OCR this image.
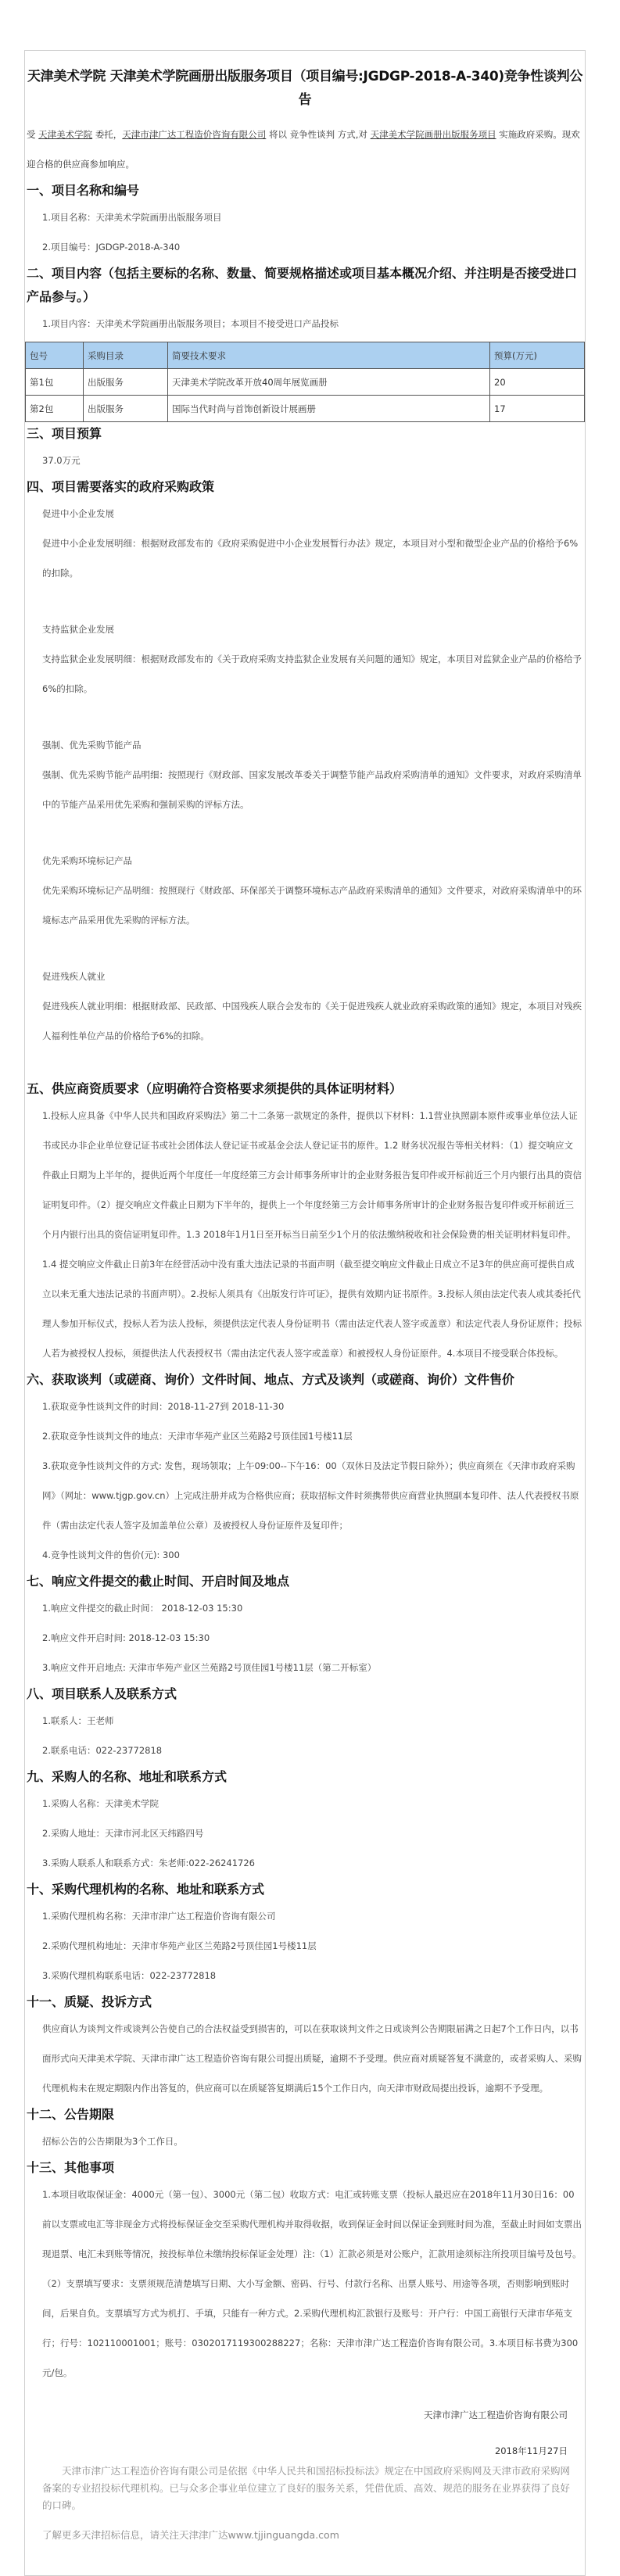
天津美术学院 天津美术学院画册出版服务项目（项目编号:JGDGP-2018-A-340)竞争性谈判公告

受 天津美术学院 委托，天津市津广达工程造价咨询有限公司 将以 竞争性谈判 方式,对 天津美术学院画册出版服务项目 实施政府采购。现欢迎合格的供应商参加响应。

一、项目名称和编号

1.项目名称：天津美术学院画册出版服务项目

2.项目编号：JGDGP-2018-A-340

二、项目内容（包括主要标的名称、数量、简要规格描述或项目基本概况介绍、并注明是否接受进口产品参与。）

1.项目内容：天津美术学院画册出版服务项目；本项目不接受进口产品投标

包号	采购目录	简要技术要求	预算(万元)
第1包	出版服务	天津美术学院改革开放40周年展览画册	20
第2包	出版服务	国际当代时尚与首饰创新设计展画册	17
三、项目预算

37.0万元

四、项目需要落实的政府采购政策

促进中小企业发展

促进中小企业发展明细：根据财政部发布的《政府采购促进中小企业发展暂行办法》规定，本项目对小型和微型企业产品的价格给予6%的扣除。

支持监狱企业发展

支持监狱企业发展明细：根据财政部发布的《关于政府采购支持监狱企业发展有关问题的通知》规定，本项目对监狱企业产品的价格给予6%的扣除。

强制、优先采购节能产品

强制、优先采购节能产品明细：按照现行《财政部、国家发展改革委关于调整节能产品政府采购清单的通知》文件要求，对政府采购清单中的节能产品采用优先采购和强制采购的评标方法。

优先采购环境标记产品

优先采购环境标记产品明细：按照现行《财政部、环保部关于调整环境标志产品政府采购清单的通知》文件要求，对政府采购清单中的环境标志产品采用优先采购的评标方法。

促进残疾人就业

促进残疾人就业明细：根据财政部、民政部、中国残疾人联合会发布的《关于促进残疾人就业政府采购政策的通知》规定，本项目对残疾人福利性单位产品的价格给予6%的扣除。

五、供应商资质要求（应明确符合资格要求须提供的具体证明材料）

1.投标人应具备《中华人民共和国政府采购法》第二十二条第一款规定的条件，提供以下材料：1.1营业执照副本原件或事业单位法人证书或民办非企业单位登记证书或社会团体法人登记证书或基金会法人登记证书的原件。1.2 财务状况报告等相关材料：（1）提交响应文件截止日期为上半年的，提供近两个年度任一年度经第三方会计师事务所审计的企业财务报告复印件或开标前近三个月内银行出具的资信证明复印件。（2）提交响应文件截止日期为下半年的，提供上一个年度经第三方会计师事务所审计的企业财务报告复印件或开标前近三个月内银行出具的资信证明复印件。1.3 2018年1月1日至开标当日前至少1个月的依法缴纳税收和社会保险费的相关证明材料复印件。1.4 提交响应文件截止日前3年在经营活动中没有重大违法记录的书面声明（截至提交响应文件截止日成立不足3年的供应商可提供自成立以来无重大违法记录的书面声明）。2.投标人须具有《出版发行许可证》，提供有效期内证书原件。3.投标人须由法定代表人或其委托代理人参加开标仪式，投标人若为法人投标，须提供法定代表人身份证明书（需由法定代表人签字或盖章）和法定代表人身份证原件；投标人若为被授权人投标，须提供法人代表授权书（需由法定代表人签字或盖章）和被授权人身份证原件。4.本项目不接受联合体投标。

六、获取谈判（或磋商、询价）文件时间、地点、方式及谈判（或磋商、询价）文件售价

1.获取竞争性谈判文件的时间：2018-11-27到 2018-11-30

2.获取竞争性谈判文件的地点：天津市华苑产业区兰苑路2号顶佳园1号楼11层

3.获取竞争性谈判文件的方式: 发售，现场领取；上午09:00--下午16：00（双休日及法定节假日除外）；供应商须在《天津市政府采购网》（网址：www.tjgp.gov.cn）上完成注册并成为合格供应商；获取招标文件时须携带供应商营业执照副本复印件、法人代表授权书原件（需由法定代表人签字及加盖单位公章）及被授权人身份证原件及复印件；

4.竞争性谈判文件的售价(元): 300

七、响应文件提交的截止时间、开启时间及地点

1.响应文件提交的截止时间： 2018-12-03 15:30

2.响应文件开启时间: 2018-12-03 15:30

3.响应文件开启地点: 天津市华苑产业区兰苑路2号顶佳园1号楼11层（第二开标室）

八、项目联系人及联系方式

1.联系人：王老师

2.联系电话：022-23772818

九、采购人的名称、地址和联系方式

1.采购人名称：天津美术学院

2.采购人地址：天津市河北区天纬路四号

3.采购人联系人和联系方式：朱老师:022-26241726

十、采购代理机构的名称、地址和联系方式

1.采购代理机构名称：天津市津广达工程造价咨询有限公司

2.采购代理机构地址：天津市华苑产业区兰苑路2号顶佳园1号楼11层

3.采购代理机构联系电话：022-23772818

十一、质疑、投诉方式

供应商认为谈判文件或谈判公告使自己的合法权益受到损害的，可以在获取谈判文件之日或谈判公告期限届满之日起7个工作日内，以书面形式向天津美术学院、天津市津广达工程造价咨询有限公司提出质疑，逾期不予受理。供应商对质疑答复不满意的，或者采购人、采购代理机构未在规定期限内作出答复的，供应商可以在质疑答复期满后15个工作日内，向天津市财政局提出投诉，逾期不予受理。

十二、公告期限

招标公告的公告期限为3个工作日。

十三、其他事项

1.本项目收取保证金：4000元（第一包）、3000元（第二包）收取方式：电汇或转账支票（投标人最迟应在2018年11月30日16：00前以支票或电汇等非现金方式将投标保证金交至采购代理机构并取得收据，收到保证金时间以保证金到账时间为准，至截止时间如支票出现退票、电汇未到账等情况，按投标单位未缴纳投标保证金处理）注:（1）汇款必须是对公账户，汇款用途须标注所投项目编号及包号。（2）支票填写要求：支票须规范清楚填写日期、大小写金额、密码、行号、付款行名称、出票人账号、用途等各项，否则影响到账时间，后果自负。支票填写方式为机打、手填，只能有一种方式。2.采购代理机构汇款银行及账号：开户行：中国工商银行天津市华苑支行；行号：102110001001；账号：0302017119300288227；名称：天津市津广达工程造价咨询有限公司。3.本项目标书费为300元/包。

天津市津广达工程造价咨询有限公司

2018年11月27日

天津市津广达工程造价咨询有限公司是依据《中华人民共和国招标投标法》规定在中国政府采购网及天津市政府采购网备案的专业招投标代理机构。已与众多企事业单位建立了良好的服务关系，凭借优质、高效、规范的服务在业界获得了良好的口碑。

了解更多天津招标信息，请关注天津津广达www.tjjinguangda.com
